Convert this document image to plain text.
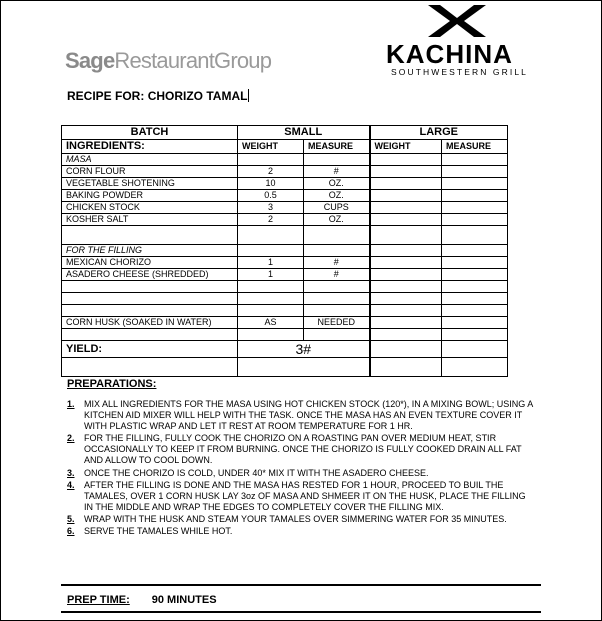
SageRestaurantGroup	KACHINA
SOUTHWESTERN GRILL
RECIPE FOR: CHORIZO TAMAL
BATCH	SMALL		LARGE	
INGREDIENTS:	WEIGHT	MEASURE	WEIGHT	MEASURE
MASA				
CORN FLOUR	2	#		
VEGETABLE SHOTENING	10	OZ.		
BAKING POWDER	0.5	OZ.		
CHICKEN STOCK	3	CUPS		
KOSHER SALT	2	OZ.		

FOR THE FILLING				
MEXICAN CHORIZO	1	#		
ASADERO CHEESE (SHREDDED)	1	#		

CORN HUSK (SOAKED IN WATER)	AS	NEEDED		

YIELD:	3#			

PREPARATIONS:
1.	MIX ALL INGREDIENTS FOR THE MASA USING HOT CHICKEN STOCK (120*), IN A MIXING BOWL; USING A KITCHEN AID MIXER WILL HELP WITH THE TASK. ONCE THE MASA HAS AN EVEN TEXTURE COVER IT WITH PLASTIC WRAP AND LET IT REST AT ROOM TEMPERATURE FOR 1 HR.
2.	FOR THE FILLING, FULLY COOK THE CHORIZO ON A ROASTING PAN OVER MEDIUM HEAT, STIR OCCASIONALLY TO KEEP IT FROM BURNING. ONCE THE CHORIZO IS FULLY COOKED DRAIN ALL FAT AND ALLOW TO COOL DOWN.
3.	ONCE THE CHORIZO IS COLD, UNDER 40* MIX IT WITH THE ASADERO CHEESE.
4.	AFTER THE FILLING IS DONE AND THE MASA HAS RESTED FOR 1 HOUR, PROCEED TO BUIL THE TAMALES, OVER 1 CORN HUSK LAY 3oz OF MASA AND SHMEER IT ON THE HUSK, PLACE THE FILLING IN THE MIDDLE AND WRAP THE EDGES TO COMPLETELY COVER THE FILLING MIX.
5.	WRAP WITH THE HUSK AND STEAM YOUR TAMALES OVER SIMMERING WATER FOR 35 MINUTES.
6.	SERVE THE TAMALES WHILE HOT.
PREP TIME: 90 MINUTES
